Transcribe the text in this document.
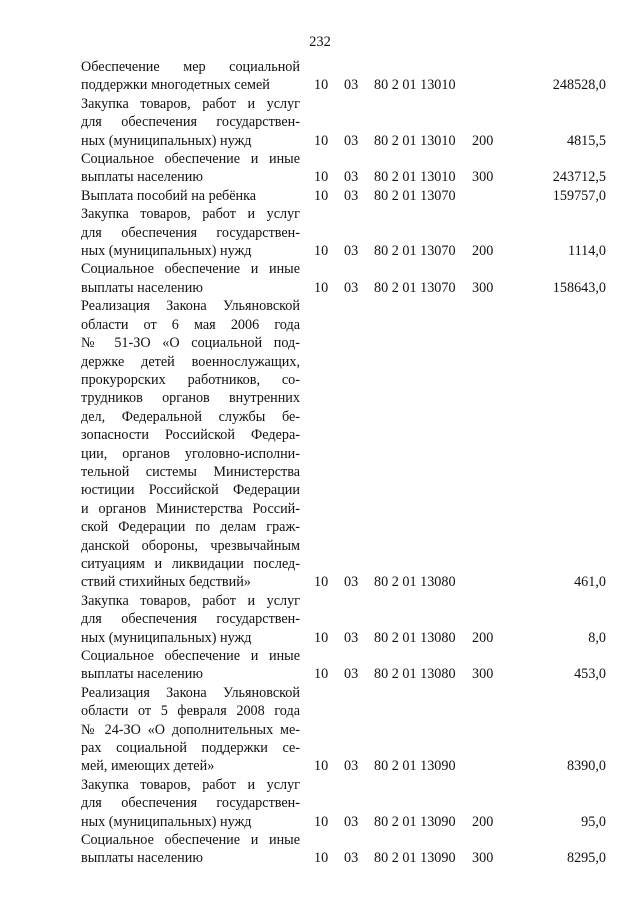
232
Обеспечение мер социальной
поддержки многодетных семей	10 03 80 2 01 13010	248528,0
Закупка товаров, работ и услуг
для обеспечения государствен-
ных (муниципальных) нужд	10 03 80 2 01 13010 200	4815,5
Социальное обеспечение и иные
выплаты населению	10 03 80 2 01 13010 300	243712,5
Выплата пособий на ребёнка	10 03 80 2 01 13070	159757,0
Закупка товаров, работ и услуг
для обеспечения государствен-
ных (муниципальных) нужд	10 03 80 2 01 13070 200	1114,0
Социальное обеспечение и иные
выплаты населению	10 03 80 2 01 13070 300	158643,0
Реализация Закона Ульяновской
области от 6 мая 2006 года
№ 51-ЗО «О социальной под-
держке детей военнослужащих,
прокурорских работников, со-
трудников органов внутренних
дел, Федеральной службы бе-
зопасности Российской Федера-
ции, органов уголовно-исполни-
тельной системы Министерства
юстиции Российской Федерации
и органов Министерства Россий-
ской Федерации по делам граж-
данской обороны, чрезвычайным
ситуациям и ликвидации послед-
ствий стихийных бедствий»	10 03 80 2 01 13080	461,0
Закупка товаров, работ и услуг
для обеспечения государствен-
ных (муниципальных) нужд	10 03 80 2 01 13080 200	8,0
Социальное обеспечение и иные
выплаты населению	10 03 80 2 01 13080 300	453,0
Реализация Закона Ульяновской
области от 5 февраля 2008 года
№ 24-ЗО «О дополнительных ме-
рах социальной поддержки се-
мей, имеющих детей»	10 03 80 2 01 13090	8390,0
Закупка товаров, работ и услуг
для обеспечения государствен-
ных (муниципальных) нужд	10 03 80 2 01 13090 200	95,0
Социальное обеспечение и иные
выплаты населению	10 03 80 2 01 13090 300	8295,0
